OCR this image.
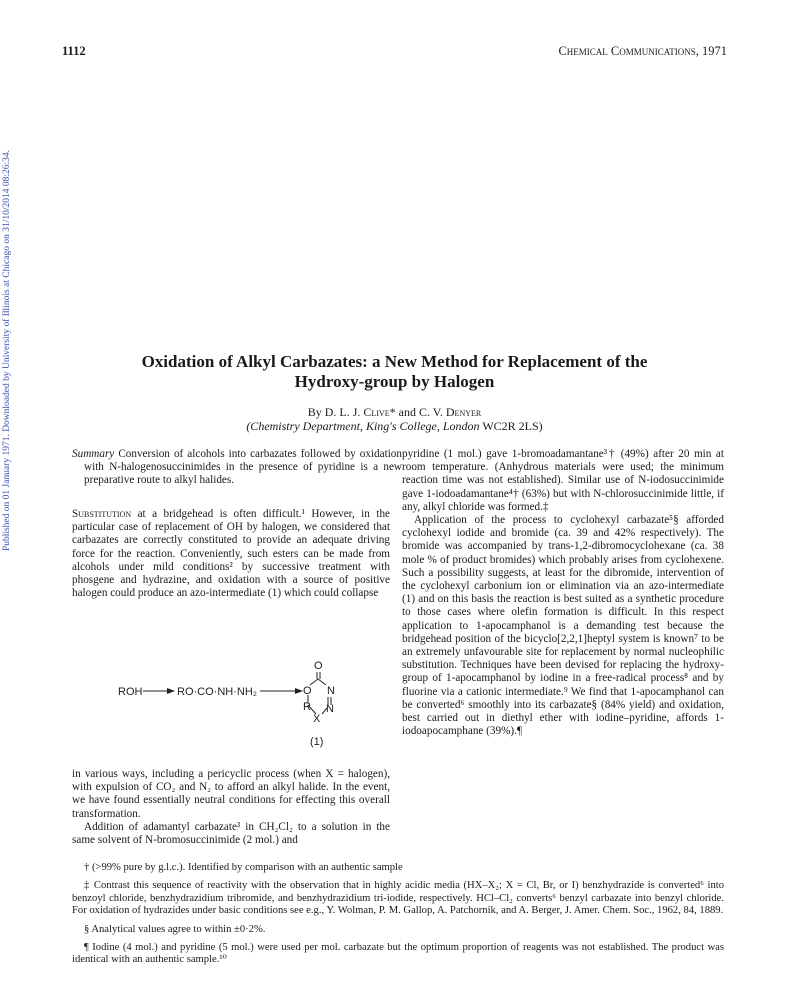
Published on 01 January 1971. Downloaded by University of Illinois at Chicago on 31/10/2014 08:26:34.
1112	Chemical Communications, 1971
Oxidation of Alkyl Carbazates: a New Method for Replacement of the
Hydroxy-group by Halogen
By D. L. J. Clive* and C. V. Denyer
(Chemistry Department, King's College, London WC2R 2LS)
Summary Conversion of alcohols into carbazates followed by oxidation with N-halogenosuccinimides in the presence of pyridine is a new preparative route to alkyl halides.

Substitution at a bridgehead is often difficult.¹ However, in the particular case of replacement of OH by halogen, we considered that carbazates are correctly constituted to provide an adequate driving force for the reaction. Conveniently, such esters can be made from alcohols under mild conditions² by successive treatment with phosgene and hydrazine, and oxidation with a source of positive halogen could produce an azo-intermediate (1) which could collapse

ROH	RO·CO·NH·NH₂
O
O N
N
R
X
(1)

in various ways, including a pericyclic process (when X = halogen), with expulsion of CO₂ and N₂ to afford an alkyl halide. In the event, we have found essentially neutral conditions for effecting this overall transformation.

Addition of adamantyl carbazate³ in CH₂Cl₂ to a solution in the same solvent of N-bromosuccinimide (2 mol.) and

pyridine (1 mol.) gave 1-bromoadamantane³† (49%) after 20 min at room temperature. (Anhydrous materials were used; the minimum reaction time was not established). Similar use of N-iodosuccinimide gave 1-iodoadamantane⁴† (63%) but with N-chlorosuccinimide little, if any, alkyl chloride was formed.‡

Application of the process to cyclohexyl carbazate⁵§ afforded cyclohexyl iodide and bromide (ca. 39 and 42% respectively). The bromide was accompanied by trans-1,2-dibromocyclohexane (ca. 38 mole % of product bromides) which probably arises from cyclohexene. Such a possibility suggests, at least for the dibromide, intervention of the cyclohexyl carbonium ion or elimination via an azo-intermediate (1) and on this basis the reaction is best suited as a synthetic procedure to those cases where olefin formation is difficult. In this respect application to 1-apocamphanol is a demanding test because the bridgehead position of the bicyclo[2,2,1]heptyl system is known⁷ to be an extremely unfavourable site for replacement by normal nucleophilic substitution. Techniques have been devised for replacing the hydroxy-group of 1-apocamphanol by iodine in a free-radical process⁸ and by fluorine via a cationic intermediate.⁹ We find that 1-apocamphanol can be converted⁶ smoothly into its carbazate§ (84% yield) and oxidation, best carried out in diethyl ether with iodine–pyridine, affords 1-iodoapocamphane (39%).¶

† (>99% pure by g.l.c.). Identified by comparison with an authentic sample

‡ Contrast this sequence of reactivity with the observation that in highly acidic media (HX–X₂; X = Cl, Br, or I) benzhydrazide is converted⁶ into benzoyl chloride, benzhydrazidium tribromide, and benzhydrazidium tri-iodide, respectively. HCl–Cl₂ converts⁶ benzyl carbazate into benzyl chloride. For oxidation of hydrazides under basic conditions see e.g., Y. Wolman, P. M. Gallop, A. Patchornik, and A. Berger, J. Amer. Chem. Soc., 1962, 84, 1889.

§ Analytical values agree to within ±0·2%.

¶ Iodine (4 mol.) and pyridine (5 mol.) were used per mol. carbazate but the optimum proportion of reagents was not established. The product was identical with an authentic sample.¹⁰
